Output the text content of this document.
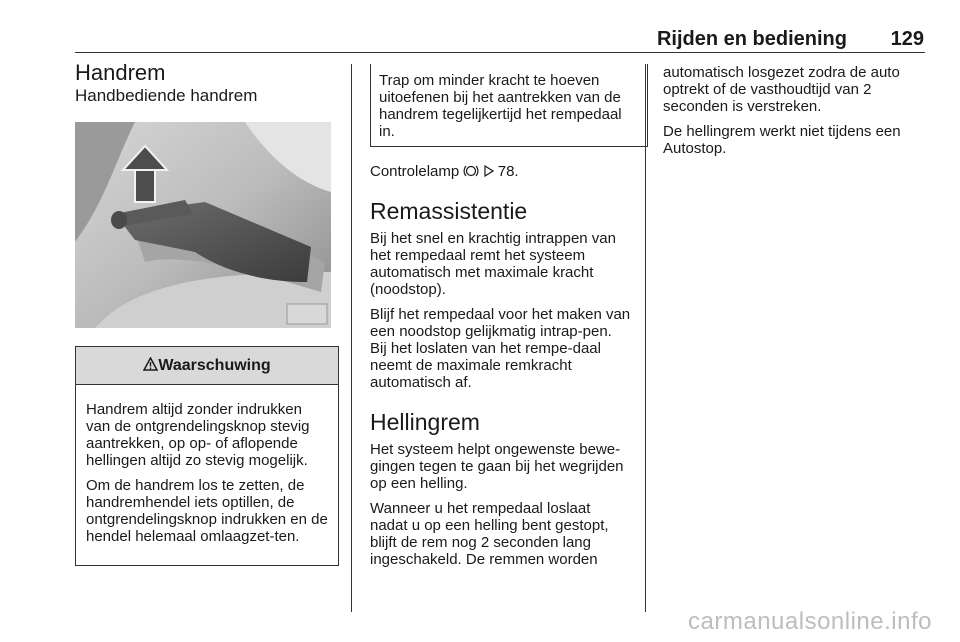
Rijden en bediening 129
Handrem
Handbediende handrem
Waarschuwing

Handrem altijd zonder indrukken van de ontgrendelingsknop stevig aantrekken, op op- of aflopende hellingen altijd zo stevig mogelijk.

Om de handrem los te zetten, de handremhendel iets optillen, de ontgrendelingsknop indrukken en de hendel helemaal omlaagzet-ten.

Trap om minder kracht te hoeven uitoefenen bij het aantrekken van de handrem tegelijkertijd het rempedaal in.

Controlelamp	78.

Remassistentie

Bij het snel en krachtig intrappen van het rempedaal remt het systeem automatisch met maximale kracht (noodstop).

Blijf het rempedaal voor het maken van een noodstop gelijkmatig intrap-pen. Bij het loslaten van het rempe-daal neemt de maximale remkracht automatisch af.

Hellingrem

Het systeem helpt ongewenste bewe-gingen tegen te gaan bij het wegrijden op een helling.

Wanneer u het rempedaal loslaat nadat u op een helling bent gestopt, blijft de rem nog 2 seconden lang ingeschakeld. De remmen worden

automatisch losgezet zodra de auto optrekt of de vasthoudtijd van 2 seconden is verstreken.

De hellingrem werkt niet tijdens een Autostop.

carmanualsonline.info
